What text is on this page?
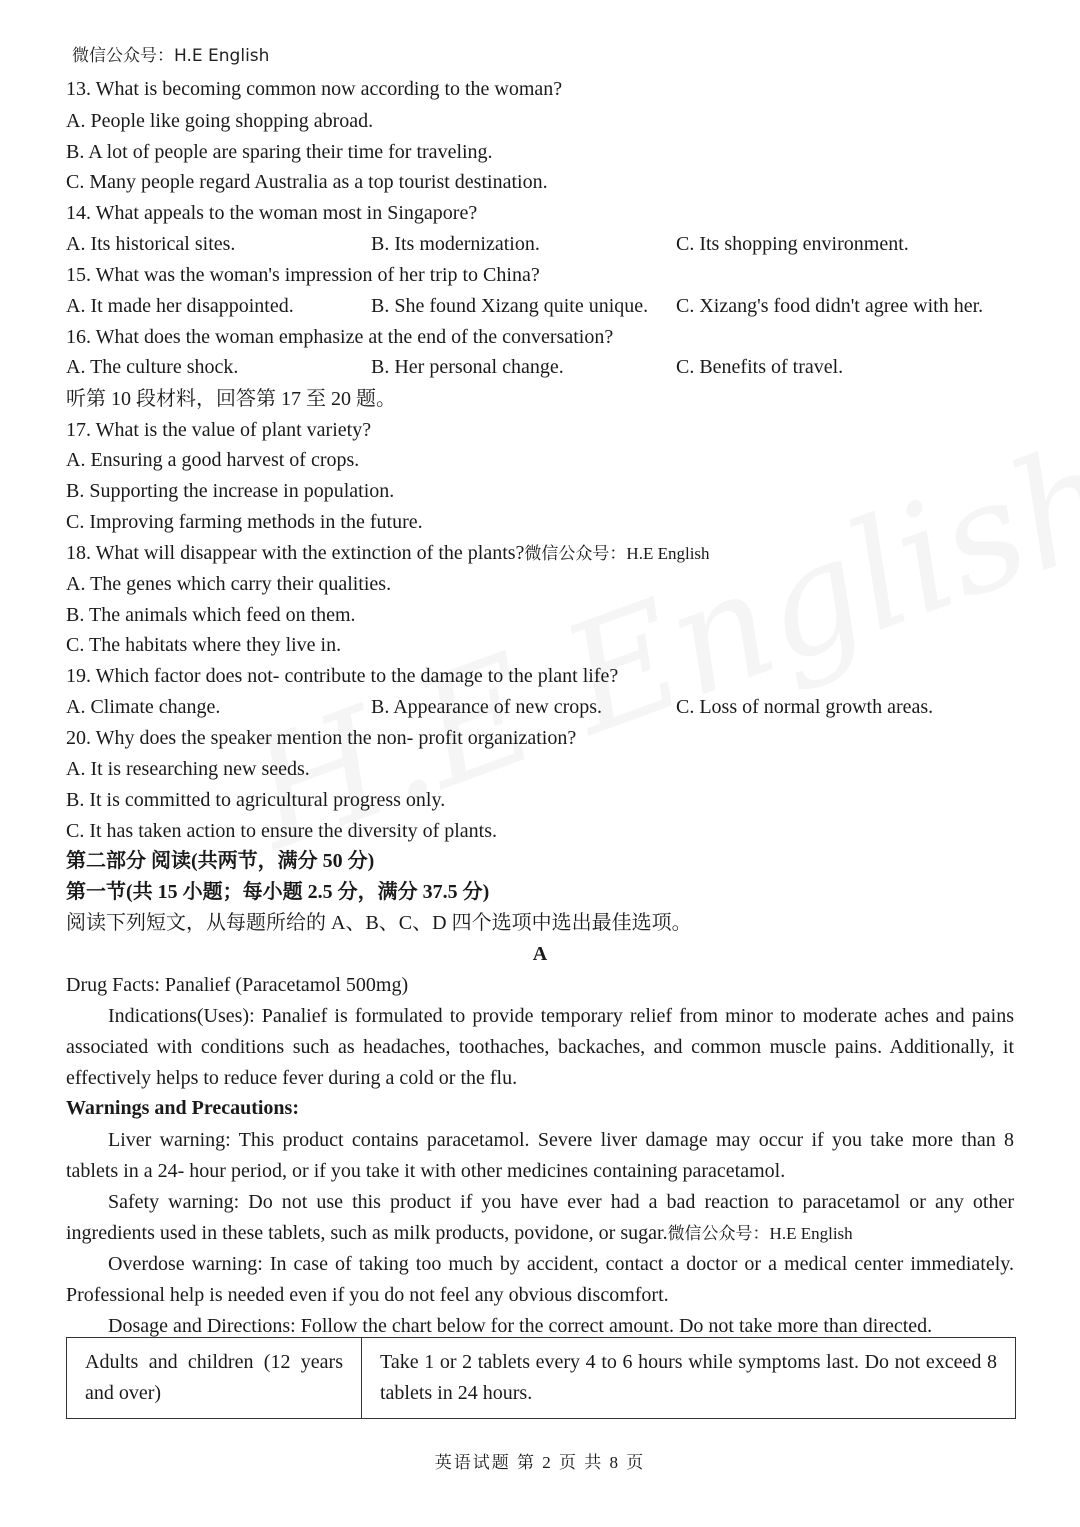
微信公众号：H.E English
13. What is becoming common now according to the woman?
A. People like going shopping abroad.
B. A lot of people are sparing their time for traveling.
C. Many people regard Australia as a top tourist destination.
14. What appeals to the woman most in Singapore?
A. Its historical sites.	B. Its modernization.	C. Its shopping environment.
15. What was the woman's impression of her trip to China?
A. It made her disappointed.	B. She found Xizang quite unique. C. Xizang's food didn't agree with her.
16. What does the woman emphasize at the end of the conversation?
A. The culture shock.	B. Her personal change.	C. Benefits of travel.
听第 10 段材料，回答第 17 至 20 题。
17. What is the value of plant variety?
A. Ensuring a good harvest of crops.
B. Supporting the increase in population.
C. Improving farming methods in the future.
18. What will disappear with the extinction of the plants?微信公众号：H.E English
A. The genes which carry their qualities.
B. The animals which feed on them.
C. The habitats where they live in.
19. Which factor does not- contribute to the damage to the plant life?
A. Climate change.	B. Appearance of new crops.	C. Loss of normal growth areas.
20. Why does the speaker mention the non- profit organization?
A. It is researching new seeds.
B. It is committed to agricultural progress only.
C. It has taken action to ensure the diversity of plants.
第二部分 阅读(共两节，满分 50 分)
第一节(共 15 小题；每小题 2.5 分，满分 37.5 分)
阅读下列短文，从每题所给的 A、B、C、D 四个选项中选出最佳选项。
A
Drug Facts: Panalief (Paracetamol 500mg)
Indications(Uses): Panalief is formulated to provide temporary relief from minor to moderate aches and pains associated with conditions such as headaches, toothaches, backaches, and common muscle pains. Additionally, it effectively helps to reduce fever during a cold or the flu.
Warnings and Precautions:
Liver warning: This product contains paracetamol. Severe liver damage may occur if you take more than 8 tablets in a 24- hour period, or if you take it with other medicines containing paracetamol.
Safety warning: Do not use this product if you have ever had a bad reaction to paracetamol or any other ingredients used in these tablets, such as milk products, povidone, or sugar.微信公众号：H.E English
Overdose warning: In case of taking too much by accident, contact a doctor or a medical center immediately. Professional help is needed even if you do not feel any obvious discomfort.
Dosage and Directions: Follow the chart below for the correct amount. Do not take more than directed.
Adults and children (12 years and over)	Take 1 or 2 tablets every 4 to 6 hours while symptoms last. Do not exceed 8 tablets in 24 hours.
英语试题 第 2 页 共 8 页
